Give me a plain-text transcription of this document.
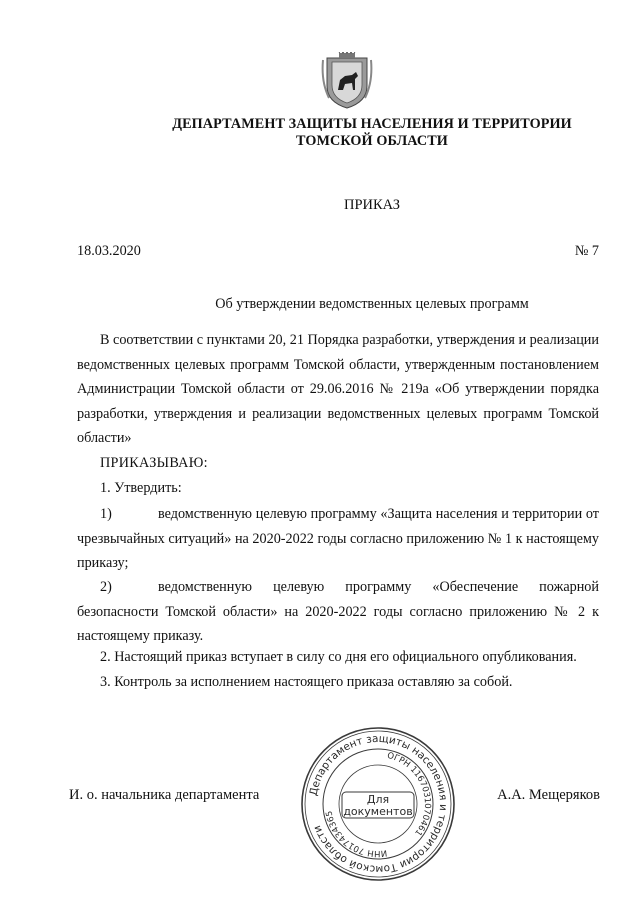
ДЕПАРТАМЕНТ ЗАЩИТЫ НАСЕЛЕНИЯ И ТЕРРИТОРИИ
ТОМСКОЙ ОБЛАСТИ
ПРИКАЗ
18.03.2020	№ 7
Об утверждении ведомственных целевых программ

В соответствии с пунктами 20, 21 Порядка разработки, утверждения и реализации ведомственных целевых программ Томской области, утвержденным постановлением Администрации Томской области от 29.06.2016 № 219а «Об утверждении порядка разработки, утверждения и реализации ведомственных целевых программ Томской области»

ПРИКАЗЫВАЮ:
1. Утвердить:

1)	ведомственную целевую программу «Защита населения и территории от чрезвычайных ситуаций» на 2020-2022 годы согласно приложению № 1 к настоящему приказу;

2)	ведомственную целевую программу «Обеспечение пожарной безопасности Томской области» на 2020-2022 годы согласно приложению № 2 к настоящему приказу.

2. Настоящий приказ вступает в силу со дня его официального опубликования.
3. Контроль за исполнением настоящего приказа оставляю за собой.
И. о. начальника департамента	А.А. Мещеряков
Департамент защиты населения и территории Томской области
ОГРН 1167031070461
ИНН 7017434365
Для
документов
